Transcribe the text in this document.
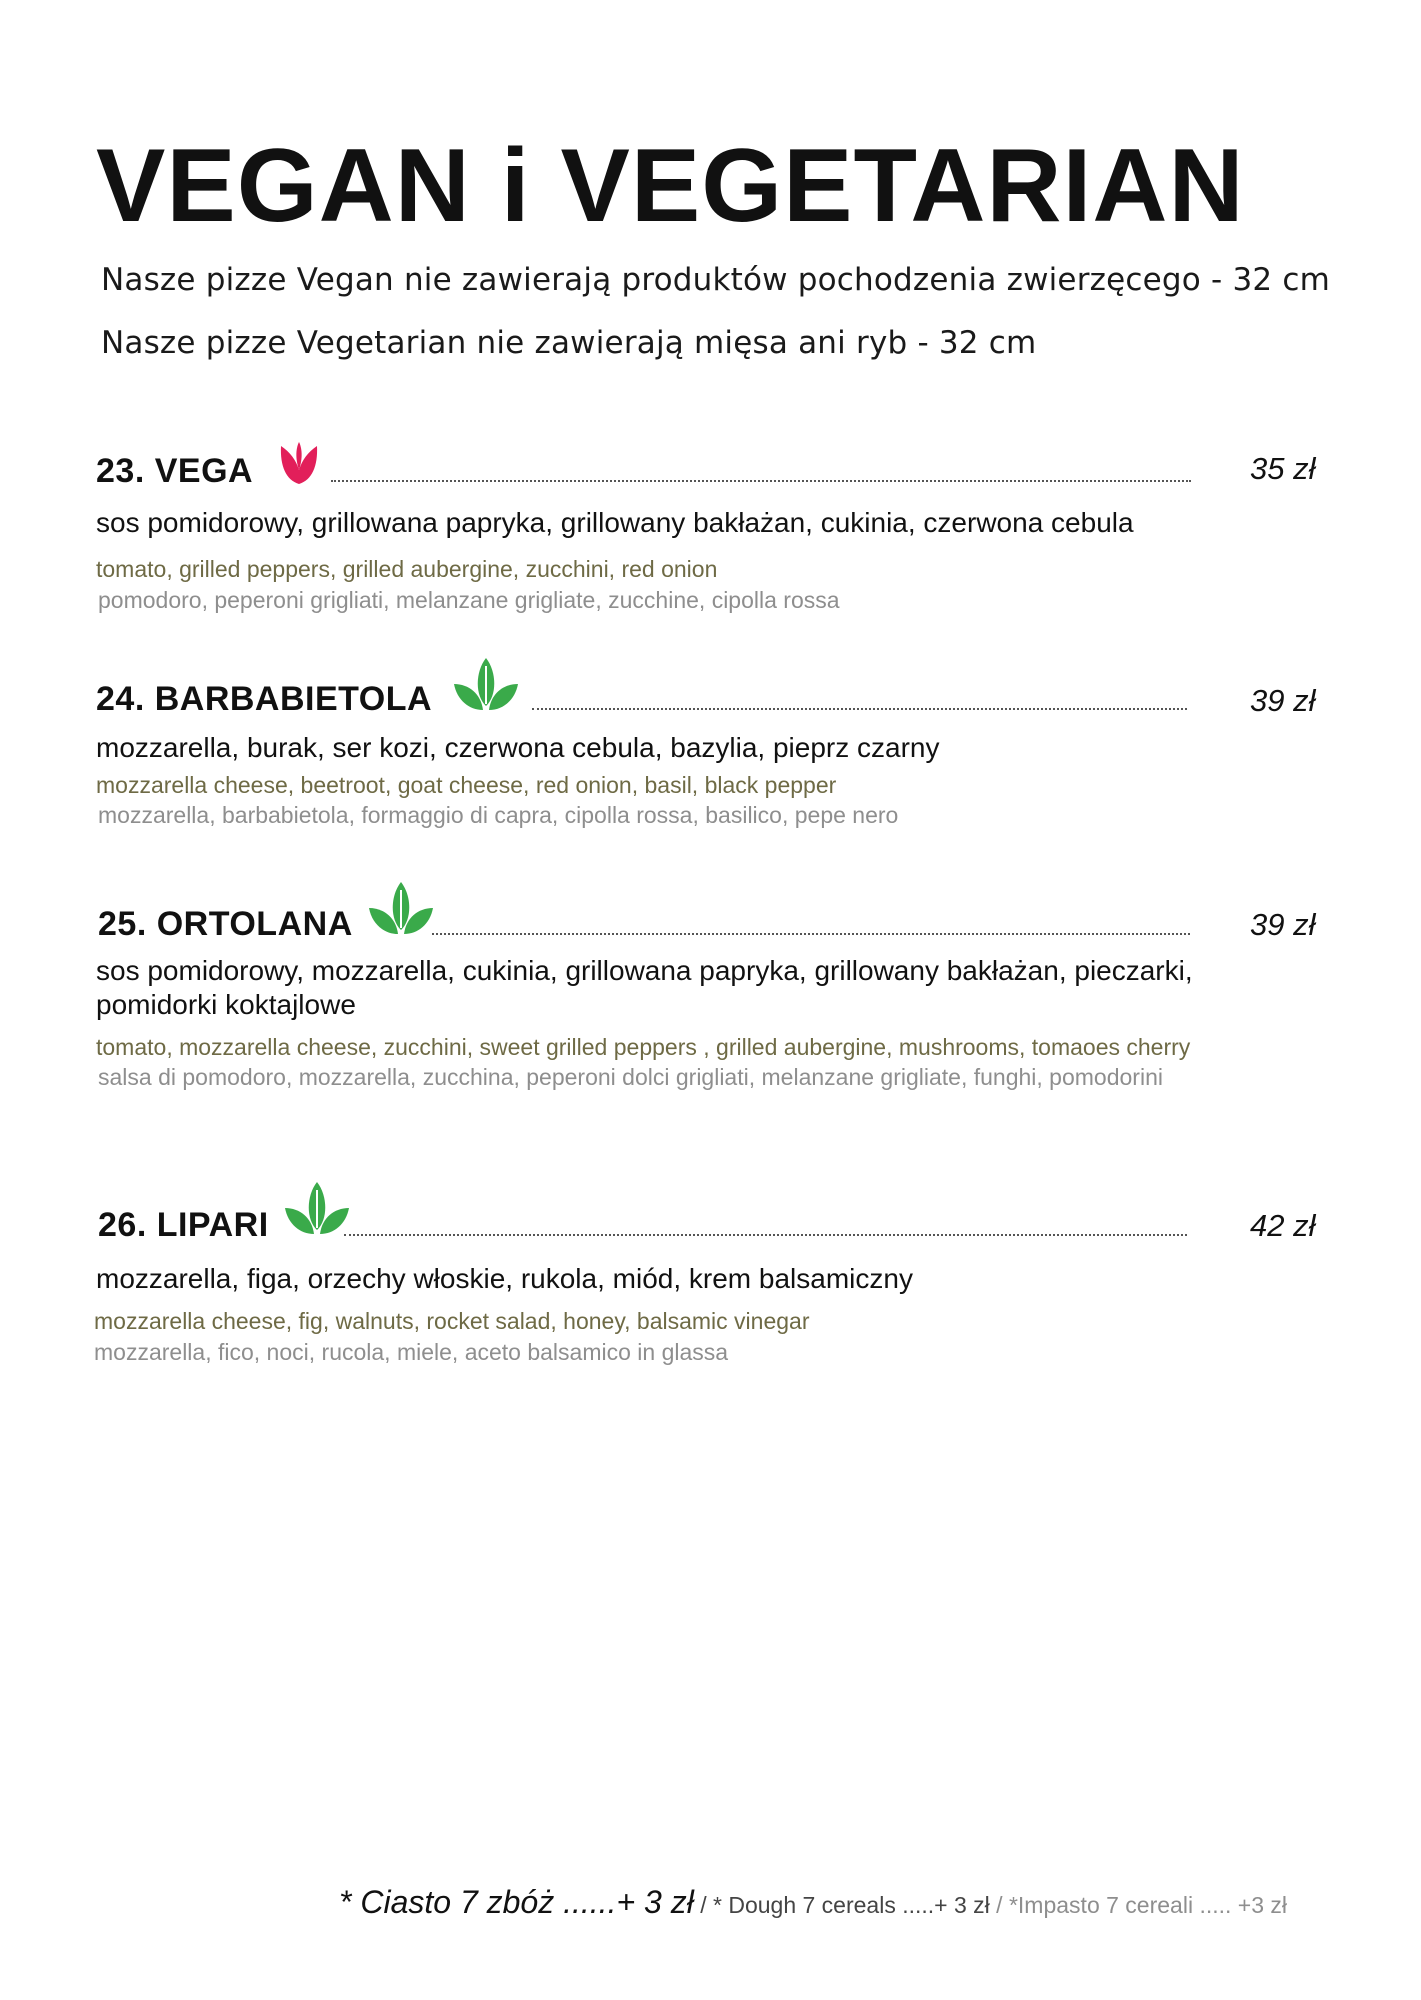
VEGAN i VEGETARIAN
Nasze pizze Vegan nie zawierają produktów pochodzenia zwierzęcego - 32 cm
Nasze pizze Vegetarian nie zawierają mięsa ani ryb - 32 cm
23. VEGA	35 zł
sos pomidorowy, grillowana papryka, grillowany bakłażan, cukinia, czerwona cebula
tomato, grilled peppers, grilled aubergine, zucchini, red onion
pomodoro, peperoni grigliati, melanzane grigliate, zucchine, cipolla rossa
24. BARBABIETOLA	39 zł
mozzarella, burak, ser kozi, czerwona cebula, bazylia, pieprz czarny
mozzarella cheese, beetroot, goat cheese, red onion, basil, black pepper
mozzarella, barbabietola, formaggio di capra, cipolla rossa, basilico, pepe nero
25. ORTOLANA	39 zł
sos pomidorowy, mozzarella, cukinia, grillowana papryka, grillowany bakłażan, pieczarki,
pomidorki koktajlowe
tomato, mozzarella cheese, zucchini, sweet grilled peppers , grilled aubergine, mushrooms, tomaoes cherry
salsa di pomodoro, mozzarella, zucchina, peperoni dolci grigliati, melanzane grigliate, funghi, pomodorini
26. LIPARI	42 zł
mozzarella, figa, orzechy włoskie, rukola, miód, krem balsamiczny
mozzarella cheese, fig, walnuts, rocket salad, honey, balsamic vinegar
mozzarella, fico, noci, rucola, miele, aceto balsamico in glassa
* Ciasto 7 zbóż ......+ 3 zł / * Dough 7 cereals .....+ 3 zł / *Impasto 7 cereali ..... +3 zł
